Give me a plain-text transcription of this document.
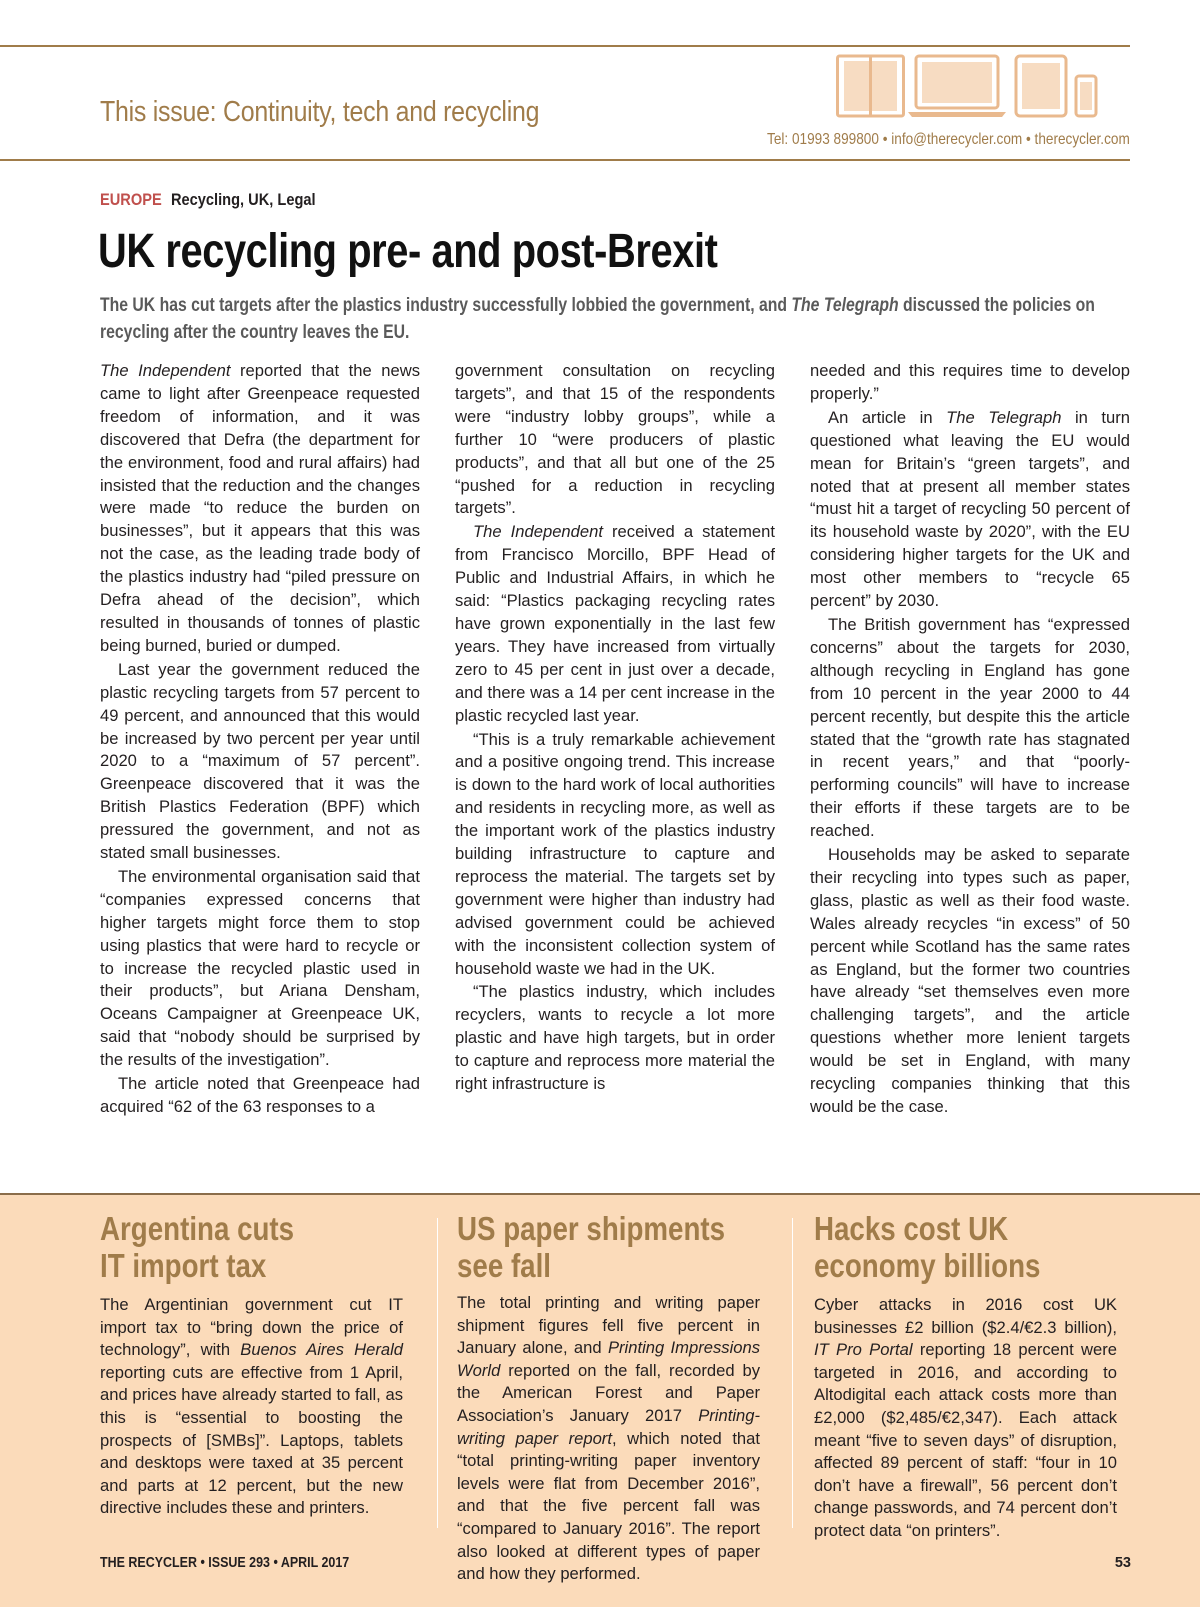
This issue: Continuity, tech and recycling
Tel: 01993 899800 • info@therecycler.com • therecycler.com
EUROPE Recycling, UK, Legal
UK recycling pre- and post-Brexit

The UK has cut targets after the plastics industry successfully lobbied the government, and The Telegraph discussed the policies on recycling after the country leaves the EU.

The Independent reported that the news came to light after Greenpeace requested freedom of information, and it was discovered that Defra (the department for the environment, food and rural affairs) had insisted that the reduction and the changes were made “to reduce the burden on businesses”, but it appears that this was not the case, as the leading trade body of the plastics industry had “piled pressure on Defra ahead of the decision”, which resulted in thousands of tonnes of plastic being burned, buried or dumped.

Last year the government reduced the plastic recycling targets from 57 percent to 49 percent, and announced that this would be increased by two percent per year until 2020 to a “maximum of 57 percent”. Greenpeace discovered that it was the British Plastics Federation (BPF) which pressured the government, and not as stated small businesses.

The environmental organisation said that “companies expressed concerns that higher targets might force them to stop using plastics that were hard to recycle or to increase the recycled plastic used in their products”, but Ariana Densham, Oceans Campaigner at Greenpeace UK, said that “nobody should be surprised by the results of the investigation”.

The article noted that Greenpeace had acquired “62 of the 63 responses to a

government consultation on recycling targets”, and that 15 of the respondents were “industry lobby groups”, while a further 10 “were producers of plastic products”, and that all but one of the 25 “pushed for a reduction in recycling targets”.

The Independent received a statement from Francisco Morcillo, BPF Head of Public and Industrial Affairs, in which he said: “Plastics packaging recycling rates have grown exponentially in the last few years. They have increased from virtually zero to 45 per cent in just over a decade, and there was a 14 per cent increase in the plastic recycled last year.

“This is a truly remarkable achievement and a positive ongoing trend. This increase is down to the hard work of local authorities and residents in recycling more, as well as the important work of the plastics industry building infrastructure to capture and reprocess the material. The targets set by government were higher than industry had advised government could be achieved with the inconsistent collection system of household waste we had in the UK.

“The plastics industry, which includes recyclers, wants to recycle a lot more plastic and have high targets, but in order to capture and reprocess more material the right infrastructure is

needed and this requires time to develop properly.”

An article in The Telegraph in turn questioned what leaving the EU would mean for Britain’s “green targets”, and noted that at present all member states “must hit a target of recycling 50 percent of its household waste by 2020”, with the EU considering higher targets for the UK and most other members to “recycle 65 percent” by 2030.

The British government has “expressed concerns” about the targets for 2030, although recycling in England has gone from 10 percent in the year 2000 to 44 percent recently, but despite this the article stated that the “growth rate has stagnated in recent years,” and that “poorly-performing councils” will have to increase their efforts if these targets are to be reached.

Households may be asked to separate their recycling into types such as paper, glass, plastic as well as their food waste. Wales already recycles “in excess” of 50 percent while Scotland has the same rates as England, but the former two countries have already “set themselves even more challenging targets”, and the article questions whether more lenient targets would be set in England, with many recycling companies thinking that this would be the case.

Argentina cuts IT import tax

The Argentinian government cut IT import tax to “bring down the price of technology”, with Buenos Aires Herald reporting cuts are effective from 1 April, and prices have already started to fall, as this is “essential to boosting the prospects of [SMBs]”. Laptops, tablets and desktops were taxed at 35 percent and parts at 12 percent, but the new directive includes these and printers.

US paper shipments see fall

The total printing and writing paper shipment figures fell five percent in January alone, and Printing Impressions World reported on the fall, recorded by the American Forest and Paper Association’s January 2017 Printing-writing paper report, which noted that “total printing-writing paper inventory levels were flat from December 2016”, and that the five percent fall was “compared to January 2016”. The report also looked at different types of paper and how they performed.

Hacks cost UK economy billions

Cyber attacks in 2016 cost UK businesses £2 billion ($2.4/€2.3 billion), IT Pro Portal reporting 18 percent were targeted in 2016, and according to Altodigital each attack costs more than £2,000 ($2,485/€2,347). Each attack meant “five to seven days” of disruption, affected 89 percent of staff: “four in 10 don’t have a firewall”, 56 percent don’t change passwords, and 74 percent don’t protect data “on printers”.

THE RECYCLER • ISSUE 293 • APRIL 2017	53
